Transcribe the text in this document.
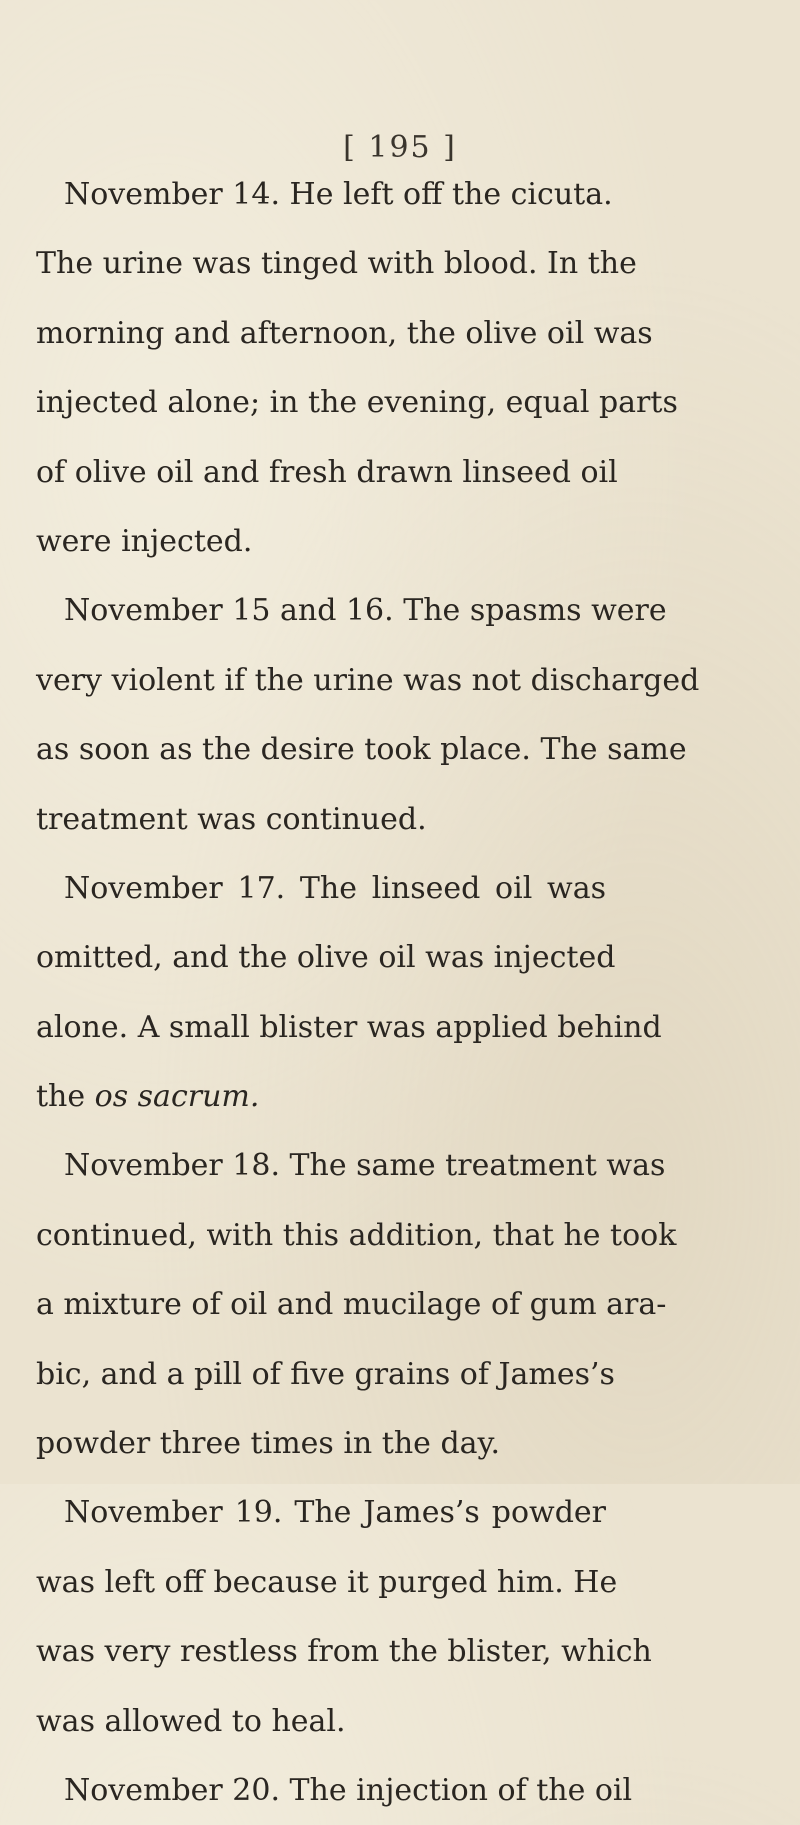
[ 195 ]
November 14. He left off the cicuta.
The urine was tinged with blood. In the
morning and afternoon, the olive oil was
injected alone; in the evening, equal parts
of olive oil and fresh drawn linseed oil
were injected.
November 15 and 16. The spasms were
very violent if the urine was not discharged
as soon as the desire took place. The same
treatment was continued.
November 17. The linseed oil was
omitted, and the olive oil was injected
alone. A small blister was applied behind
the os sacrum.
November 18. The same treatment was
continued, with this addition, that he took
a mixture of oil and mucilage of gum ara-
bic, and a pill of five grains of James’s
powder three times in the day.
November 19. The James’s powder
was left off because it purged him. He
was very restless from the blister, which
was allowed to heal.
November 20. The injection of the oil
